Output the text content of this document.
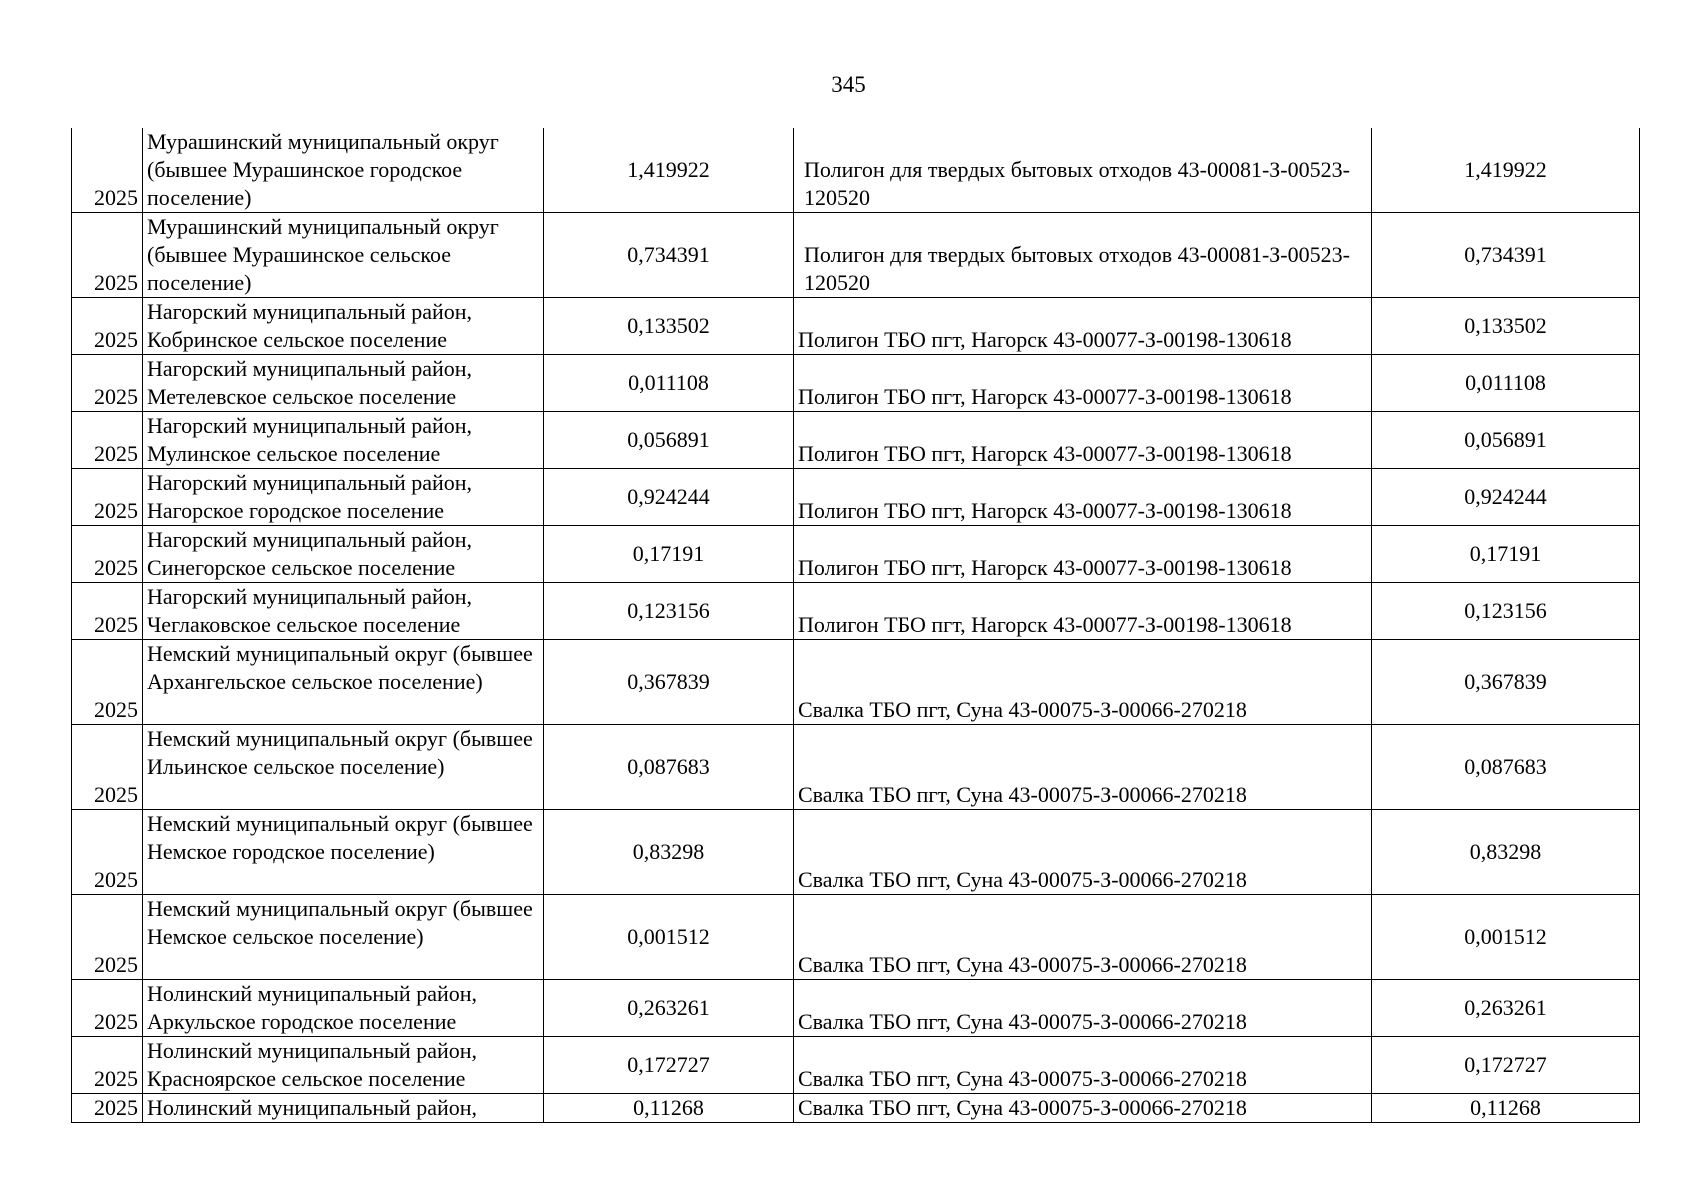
345
2025	Мурашинский муниципальный округ (бывшее Мурашинское городское поселение)	1,419922	Полигон для твердых бытовых отходов 43-00081-З-00523-120520	1,419922
2025	Мурашинский муниципальный округ (бывшее Мурашинское сельское поселение)	0,734391	Полигон для твердых бытовых отходов 43-00081-З-00523-120520	0,734391
2025	Нагорский муниципальный район, Кобринское сельское поселение	0,133502	Полигон ТБО пгт, Нагорск 43-00077-З-00198-130618	0,133502
2025	Нагорский муниципальный район, Метелевское сельское поселение	0,011108	Полигон ТБО пгт, Нагорск 43-00077-З-00198-130618	0,011108
2025	Нагорский муниципальный район, Мулинское сельское поселение	0,056891	Полигон ТБО пгт, Нагорск 43-00077-З-00198-130618	0,056891
2025	Нагорский муниципальный район, Нагорское городское поселение	0,924244	Полигон ТБО пгт, Нагорск 43-00077-З-00198-130618	0,924244
2025	Нагорский муниципальный район, Синегорское сельское поселение	0,17191	Полигон ТБО пгт, Нагорск 43-00077-З-00198-130618	0,17191
2025	Нагорский муниципальный район, Чеглаковское сельское поселение	0,123156	Полигон ТБО пгт, Нагорск 43-00077-З-00198-130618	0,123156
2025	Немский муниципальный округ (бывшее Архангельское сельское поселение)	0,367839	Свалка ТБО пгт, Суна 43-00075-З-00066-270218	0,367839
2025	Немский муниципальный округ (бывшее Ильинское сельское поселение)	0,087683	Свалка ТБО пгт, Суна 43-00075-З-00066-270218	0,087683
2025	Немский муниципальный округ (бывшее Немское городское поселение)	0,83298	Свалка ТБО пгт, Суна 43-00075-З-00066-270218	0,83298
2025	Немский муниципальный округ (бывшее Немское сельское поселение)	0,001512	Свалка ТБО пгт, Суна 43-00075-З-00066-270218	0,001512
2025	Нолинский муниципальный район, Аркульское городское поселение	0,263261	Свалка ТБО пгт, Суна 43-00075-З-00066-270218	0,263261
2025	Нолинский муниципальный район, Красноярское сельское поселение	0,172727	Свалка ТБО пгт, Суна 43-00075-З-00066-270218	0,172727
2025	Нолинский муниципальный район,	0,11268	Свалка ТБО пгт, Суна 43-00075-З-00066-270218	0,11268
